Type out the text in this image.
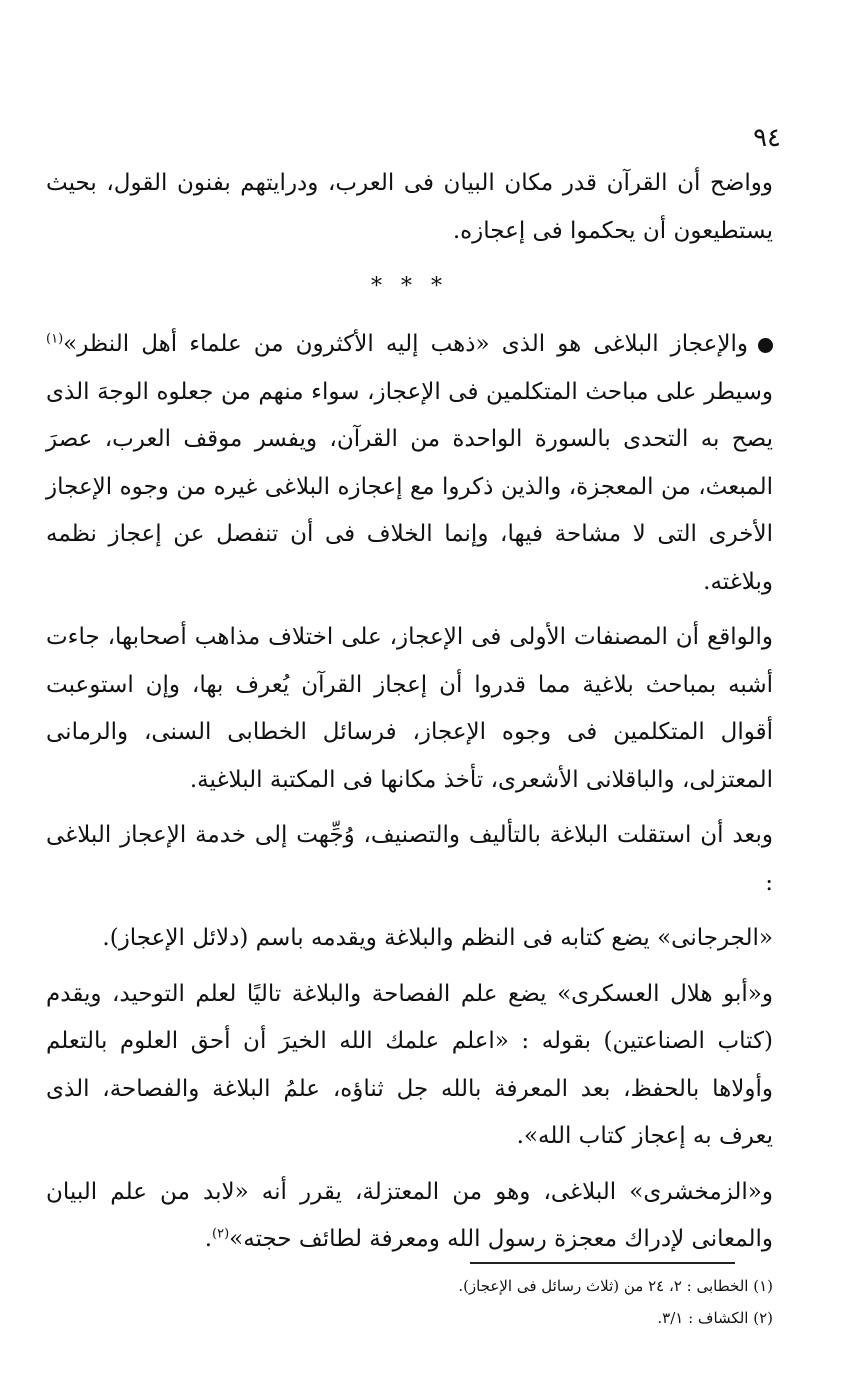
٩٤

وواضح أن القرآن قدر مكان البيان فى العرب، ودرايتهم بفنون القول، بحيث يستطيعون أن يحكموا فى إعجازه.

* * *

والإعجاز البلاغى هو الذى «ذهب إليه الأكثرون من علماء أهل النظر»$^{(١)}$ وسيطر على مباحث المتكلمين فى الإعجاز، سواء منهم من جعلوه الوجهَ الذى يصح به التحدى بالسورة الواحدة من القرآن، ويفسر موقف العرب، عصرَ المبعث، من المعجزة، والذين ذكروا مع إعجازه البلاغى غيره من وجوه الإعجاز الأخرى التى لا مشاحة فيها، وإنما الخلاف فى أن تنفصل عن إعجاز نظمه وبلاغته.

والواقع أن المصنفات الأولى فى الإعجاز، على اختلاف مذاهب أصحابها، جاءت أشبه بمباحث بلاغية مما قدروا أن إعجاز القرآن يُعرف بها، وإن استوعبت أقوال المتكلمين فى وجوه الإعجاز، فرسائل الخطابى السنى، والرمانى المعتزلى، والباقلانى الأشعرى، تأخذ مكانها فى المكتبة البلاغية.

وبعد أن استقلت البلاغة بالتأليف والتصنيف، وُجِّهت إلى خدمة الإعجاز البلاغى :

«الجرجانى» يضع كتابه فى النظم والبلاغة ويقدمه باسم (دلائل الإعجاز).

و«أبو هلال العسكرى» يضع علم الفصاحة والبلاغة تاليًا لعلم التوحيد، ويقدم (كتاب الصناعتين) بقوله : «اعلم علمك الله الخيرَ أن أحق العلوم بالتعلم وأولاها بالحفظ، بعد المعرفة بالله جل ثناؤه، علمُ البلاغة والفصاحة، الذى يعرف به إعجاز كتاب الله».

و«الزمخشرى» البلاغى، وهو من المعتزلة، يقرر أنه «لابد من علم البيان والمعانى لإدراك معجزة رسول الله ومعرفة لطائف حجته»$^{(٢)}$.

(١) الخطابى : ٢، ٢٤ من (ثلاث رسائل فى الإعجاز).
(٢) الكشاف : ٣/١.
